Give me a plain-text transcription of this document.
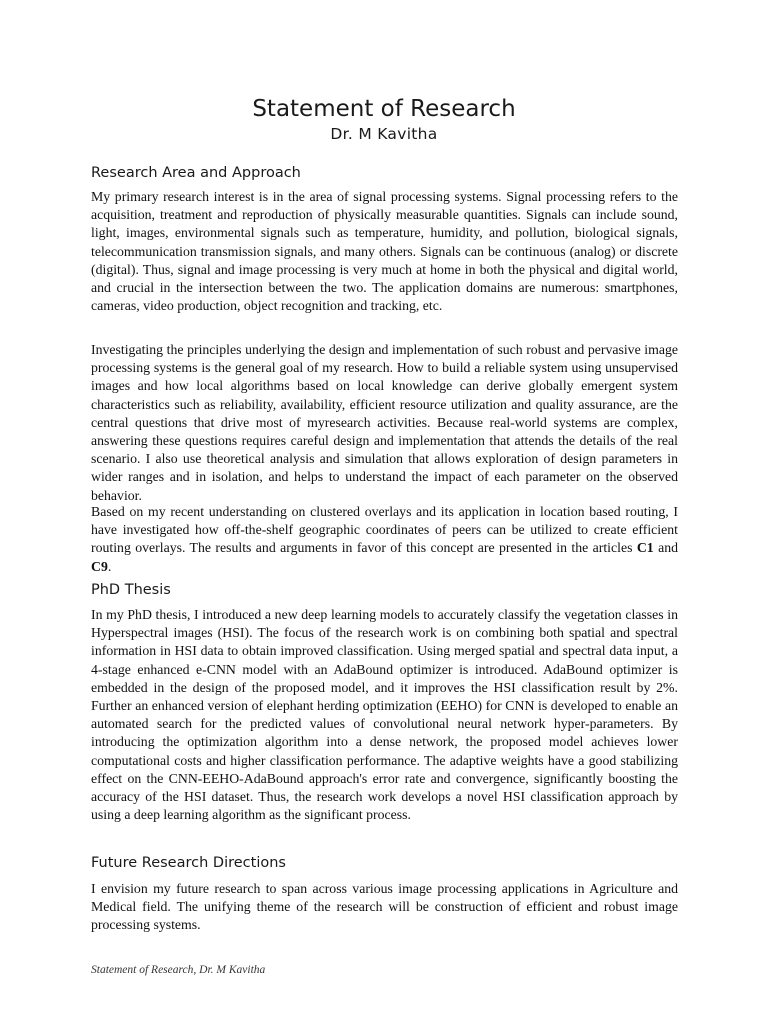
Statement of Research
Dr. M Kavitha
Research Area and Approach

My primary research interest is in the area of signal processing systems. Signal processing refers to the acquisition, treatment and reproduction of physically measurable quantities. Signals can include sound, light, images, environmental signals such as temperature, humidity, and pollution, biological signals, telecommunication transmission signals, and many others. Signals can be continuous (analog) or discrete (digital). Thus, signal and image processing is very much at home in both the physical and digital world, and crucial in the intersection between the two. The application domains are numerous: smartphones, cameras, video production, object recognition and tracking, etc.

Investigating the principles underlying the design and implementation of such robust and pervasive image processing systems is the general goal of my research. How to build a reliable system using unsupervised images and how local algorithms based on local knowledge can derive globally emergent system characteristics such as reliability, availability, efficient resource utilization and quality assurance, are the central questions that drive most of myresearch activities. Because real-world systems are complex, answering these questions requires careful design and implementation that attends the details of the real scenario. I also use theoretical analysis and simulation that allows exploration of design parameters in wider ranges and in isolation, and helps to understand the impact of each parameter on the observed behavior.

Based on my recent understanding on clustered overlays and its application in location based routing, I have investigated how off-the-shelf geographic coordinates of peers can be utilized to create efficient routing overlays. The results and arguments in favor of this concept are presented in the articles C1 and C9.

PhD Thesis

In my PhD thesis, I introduced a new deep learning models to accurately classify the vegetation classes in Hyperspectral images (HSI). The focus of the research work is on combining both spatial and spectral information in HSI data to obtain improved classification. Using merged spatial and spectral data input, a 4-stage enhanced e-CNN model with an AdaBound optimizer is introduced. AdaBound optimizer is embedded in the design of the proposed model, and it improves the HSI classification result by 2%. Further an enhanced version of elephant herding optimization (EEHO) for CNN is developed to enable an automated search for the predicted values of convolutional neural network hyper-parameters. By introducing the optimization algorithm into a dense network, the proposed model achieves lower computational costs and higher classification performance. The adaptive weights have a good stabilizing effect on the CNN-EEHO-AdaBound approach's error rate and convergence, significantly boosting the accuracy of the HSI dataset. Thus, the research work develops a novel HSI classification approach by using a deep learning algorithm as the significant process.

Future Research Directions

I envision my future research to span across various image processing applications in Agriculture and Medical field. The unifying theme of the research will be construction of efficient and robust image processing systems.

Statement of Research, Dr. M Kavitha
